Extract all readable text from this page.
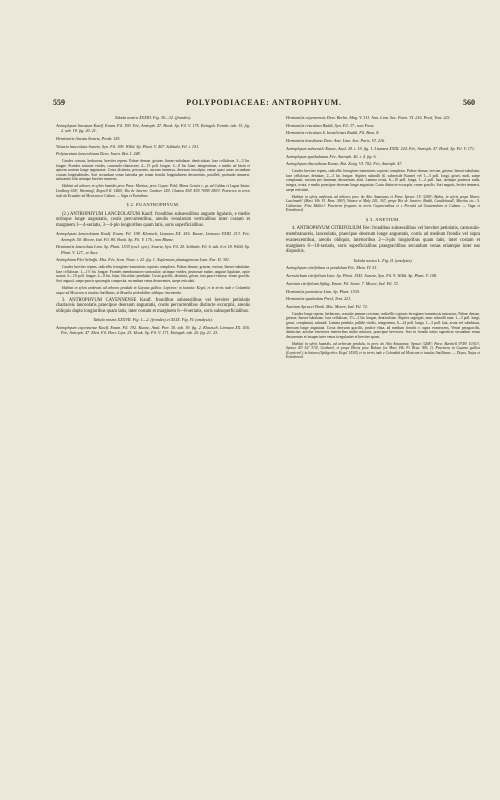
559	POLYPODIACEAE: ANTROPHYUM.	560
Tabula nostra XXXIII. Fig. 30—32. (frondes).
Antrophyum lineatum Kaulf. Enum. Fil. 199. Fée, Antroph. 47. Hook. Sp. Fil. V. 175. Ettingsh. Farnkr. tab. 15. fig. 2. tab. 18. fig. 20. 21.
Hemionitis lineata Swartz, Prodr. 129.
Vittaria lanceolata Swartz, Syn. Fil. 109. Willd. Sp. Plant. V. 407. Schkuhr, Fil. t. 101.
Polytaenium lanceolatum Desv. Journ. Bot. I. 248.
Caudex crassus, herbaceus, breviter repens. Paleae densae, griseae, lineari-subulatae, denticulatae, laxe cellulosae, 3—5 lin. longae. Frondes saturate virides, carnosulo-chartaceae, 4—15 poll. longae, 3—8 lin. latae, integerrimae, e medio ad basin et apicem acutum longe angustatae. Costa distincta, percurrens, sursum immersa, deorsum insculpta; venae quasi areas secundum costam longitudinales. Sori secundum venas lateralia per totam frondis longitudinem decurrentes, paralleli, profundo immersi, substantià folii utrinque breviter immersi.
Habitat ad arbores in sylvis humidis prov. Para: Martius; prov. Goyaz: Pohl; Minas Geraës c. gr. ad Caldas et Lagoa Santa: Lindberg 618!, Warming!, Regnell II. 1466!; Rio de Janeiro: Gardner 145!, Glaziou 454! 455! 7698! 2803!. Praeterea in terris inde ab Ecuador ad Mexicum et Cubam. — Vaga et Extrabras.
§ 2. EUANTROPHYUM.
(2.) ANTROPHYUM LANCEOLATUM Kaulf. frondibus subsessilibus anguste ligulatis, e medio utrinque longe angustatis, costis percurrentibus, areolis venularum verticalibus inter costam et marginem 3—4-seriatis, 3—4-plo longioribus quam latis, soris superficialibus.
Antrophyum lanceolatum Kaulf. Enum. Fil. 198. Klotzsch, Linnaea XX. 416. Kunze, Linnaea XXIII. 213. Fée, Antroph. 50. Moore, Ind. Fil. 80. Hook. Sp. Fil. V. 176., non Blume.
Hemionitis lanceolata Linn. Sp. Plant. 1535 (excl. syn.). Swartz, Syn. Fil. 20. Schkuhr, Fil. 6. tab. 6 et 18. Willd. Sp. Plant. V. 127., et Auct.
Antrophium Plei Schaffn. Mss. Fée, Icon. Nouv. t. 22. fig. 1. Asplenium plantagineum Lam. Enc. II. 301.
Caudex breviter repens, radicellis ferrugineo-tomentosis copiosis complexis. Paleae densae, griseae, erectae, lineari-subulatae, laxe cellulosae, 1—1½ lin. longae. Frondes membranaceo-carnosulae, utrinque virides, pruinosae nudae, anguste ligulatae, apice acutae, 6—10 poll. longae, 4—8 lin. latae, flaccidae, pendulae. Costa gracilis, distincta, grisea, tota pauci-venosa; venae gracilis. Sori angusti, saepe paucis sporangiis composita, secundum venas decurrentes, saepe reticulati.
Habitat in sylvis umbrosis ad arbores pendula in Guyana gallica: Leprieur; in batavia: Kegel, et in terris inde e Columbià usque ad Mexicum et insulas Antillanas, in Brasilia probabiliter alibique invenienda.
3. ANTROPHYUM CAYENNENSE Kaulf. frondibus subsessilibus vel breviter petiolatis chartaceis lanceolatis praecipue deorsum angustatis, costis percurrentibus distincte excurptis, areolis obliquis duplo longioribus quam latis, inter costam et marginem 6—8-seriatis, soris subsuperficialibus.
Tabula nostra XXXVII. Fig. 1—2. (frondes) et XLIX. Fig. IV. (analysis).
Antrophyum cayennense Kaulf. Enum. Fil. 192. Kunze, Anal. Pter. 30. tab. 19. fig. 2. Klotzsch, Linnaea XX. 416. Fée, Antroph. 47. Mett. Fil. Hort. Lips. 25. Hook. Sp. Fil. V. 171. Ettingsh. tab. 20. fig. 21. 23.
Hemionitis cayennensis Desv. Berlin. Mag. V. 311. Ann. Linn. Soc. Paris. VI. 216. Presl, Tent. 221.
Hemionitis reticulata Raddi, Syn. Fil. 37., non Forst.
Hemionitis reticulata ß. brasiliensis Raddi, Fil. Bras. 8.
Hemionitis brasiliana Desv. Ann. Linn. Soc. Paris. VI. 216.
Antrophyum subsessile Kunze, Anal. 29. t. 19. fig. 1. Linnaea XXIII. 224. Fée, Antroph. 47. Hook. Sp. Fil. V. 171.
Antrophyum spathulatum Fée, Antroph. 46. t. 4. fig. 6.
Antrophyum discoideum Kunze, Bot. Zeitg. VI. 702. Fée, Antroph. 47.
Caudex breviter repens, radicellis ferrugineo-tomentosis copiosis complexis. Paleae densae, erectae, griseae, lineari-subulatae, laxe cellulosae, dentatae, 2—3 lin. longae. Stipites subnulli (ß. subsessile Kunze) vel 1—3 poll. longi, grisei, nudi, saepe complanati, sursum per laminam decurrentes alati. Lamina ovata, 6—10 poll. longa, 1—2 poll. lata, utrinque pruinosa nuda, integra, ovata, e medio praecipue deorsum longe angustata. Costa distincte excurptis; venae gracilis. Sori angusti, leviter immersi, saepe reticulati.
Habitat in sylvis umbrosis ad arbores prov. do Alto Amazonas et Para: Spruce 31! 3269!; Bahia, in sylvis prope Ilheos: Luschnath! (Mart. Hb. Fl. Bras. 369!), Wawra et Maly 241, 367; prope Rio de Janeiro: Raddi, Gaudichaud!, Martius etc.; S. Catharina: Fritz Müller!. Praeterea frequens in terris Guyanensibus et e Peruvià ad Guatemalam et Cubam. — Vaga et Extrabrasil.
§ 3. ANETIUM.
4. ANTROPHYUM CITRIFOLIUM Fée: frondibus subsessilibus vel breviter petiolatis, carnosulo-membranaceis, lanceolatis, praecipue deorsum longe angustatis, costis ad medium frondis vel supra evanescentibus, areolis obliquis, interioribus 2—3-plo longioribus quam latis, inter costam et marginem 6—10-seriatis, soris superficialibus praegracilibus secundum venas etiamque inter eas dispositis.
Tabula nostra L. Fig. II. (analysis).
Antrophyum citrifolium et pendulum Fée, Mem. IV. 51.
Acrostichum citrifolium Linn. Sp. Plant. 1543. Swartz, Syn. Fil. 9. Willd. Sp. Plant. V. 108.
Anetium citrifolium Splitg. Enum. Fil. Surin. 7. Moore, Ind. Fil. 72.
Hemionitis parasitica Linn. Sp. Plant. 1535.
Hemionitis spathulata Presl, Tent. 221.
Anetium Sprucei Hook. Mss. Moore, Ind. Fil. 72.
Caudex longe repens, herbaceus, crassitie pennae corvinae, radicellis copiosis ferrugineo-tomentosis instructus. Paleae densae, griseae, lineari-subulatae, laxe cellulosae, 1½—2 lin. longae, denticulatae. Stipites segregati, nunc subnulli nunc 1—3 poll. longi, grisei, complanati, subnudi. Lamina pendula, pallide viridis, integerrima, 6—24 poll. longa, 1—3 poll. lata, acuta vel subobtusa, deorsum longe angustata. Costa deorsum gracilis, postice elata, ad medium frondis v. supra evanescens. Venae peragracilis, distinctae; areolae exteriores interioribus multo minores, praecipue breviores. Sori in frondis totius superficie secundum venas decurrentes et insuper inter venas irregulariter et breviter sparsi.
Habitat in sylvis humidis, ad arborum pendula, in prov. do Alto Amazonas: Spruce 3268!; Para: Burchell 9749! 10101!, Spruce 45! 52! 374!, Graham!, et prope Ilheos prov. Bahiae (ex Mart. Hb. Fl. Bras. 369, 1). Praeterea in Guyana gallica (Leprieur!), in batava (Splitgerber, Kegel 1434!) et in terris inde e Columbià ad Mexicum et insulas Antillanas. — Dryas, Najas et Extrabrasil.
